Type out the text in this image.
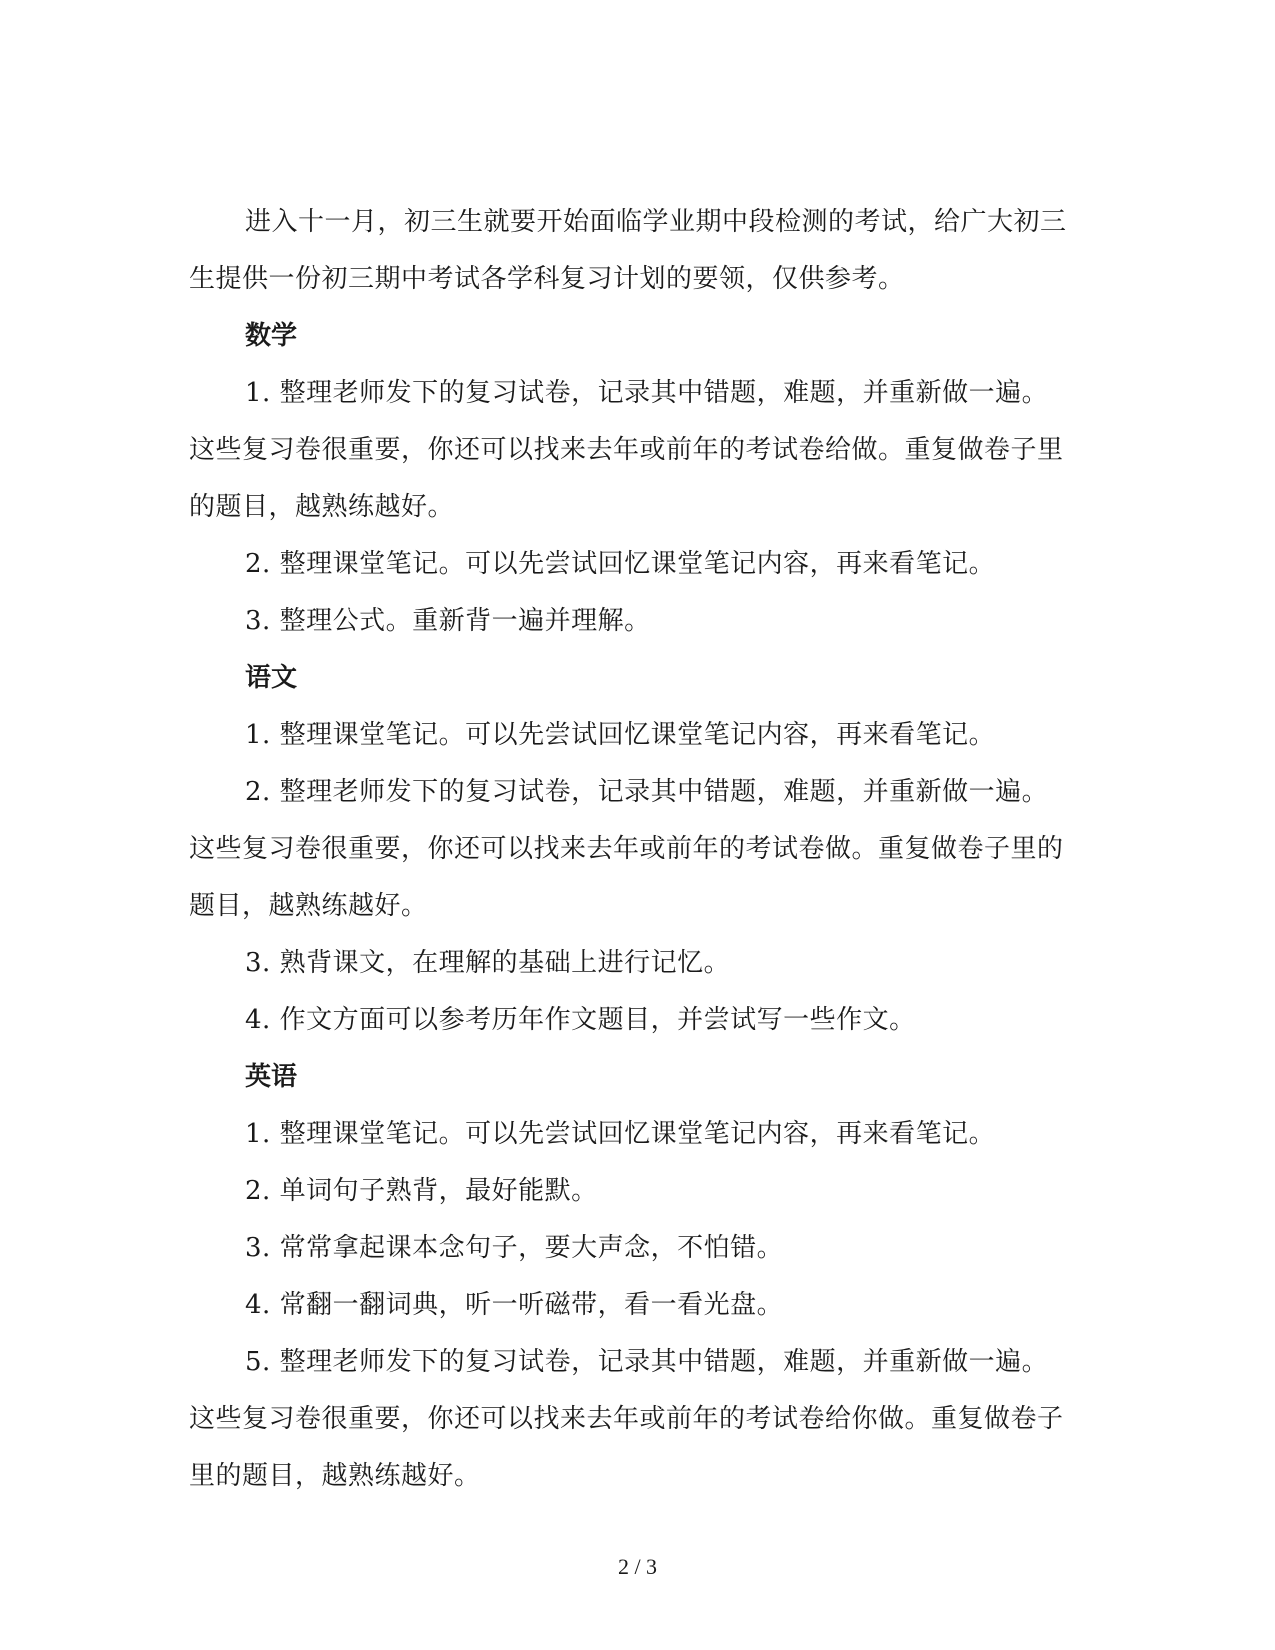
进入十一月，初三生就要开始面临学业期中段检测的考试，给广大初三生提供一份初三期中考试各学科复习计划的要领，仅供参考。

数学

1. 整理老师发下的复习试卷，记录其中错题，难题，并重新做一遍。这些复习卷很重要，你还可以找来去年或前年的考试卷给做。重复做卷子里的题目，越熟练越好。

2. 整理课堂笔记。可以先尝试回忆课堂笔记内容，再来看笔记。

3. 整理公式。重新背一遍并理解。

语文

1. 整理课堂笔记。可以先尝试回忆课堂笔记内容，再来看笔记。

2. 整理老师发下的复习试卷，记录其中错题，难题，并重新做一遍。这些复习卷很重要，你还可以找来去年或前年的考试卷做。重复做卷子里的题目，越熟练越好。

3. 熟背课文，在理解的基础上进行记忆。

4. 作文方面可以参考历年作文题目，并尝试写一些作文。

英语

1. 整理课堂笔记。可以先尝试回忆课堂笔记内容，再来看笔记。

2. 单词句子熟背，最好能默。

3. 常常拿起课本念句子，要大声念，不怕错。

4. 常翻一翻词典，听一听磁带，看一看光盘。

5. 整理老师发下的复习试卷，记录其中错题，难题，并重新做一遍。这些复习卷很重要，你还可以找来去年或前年的考试卷给你做。重复做卷子里的题目，越熟练越好。

2 / 3
